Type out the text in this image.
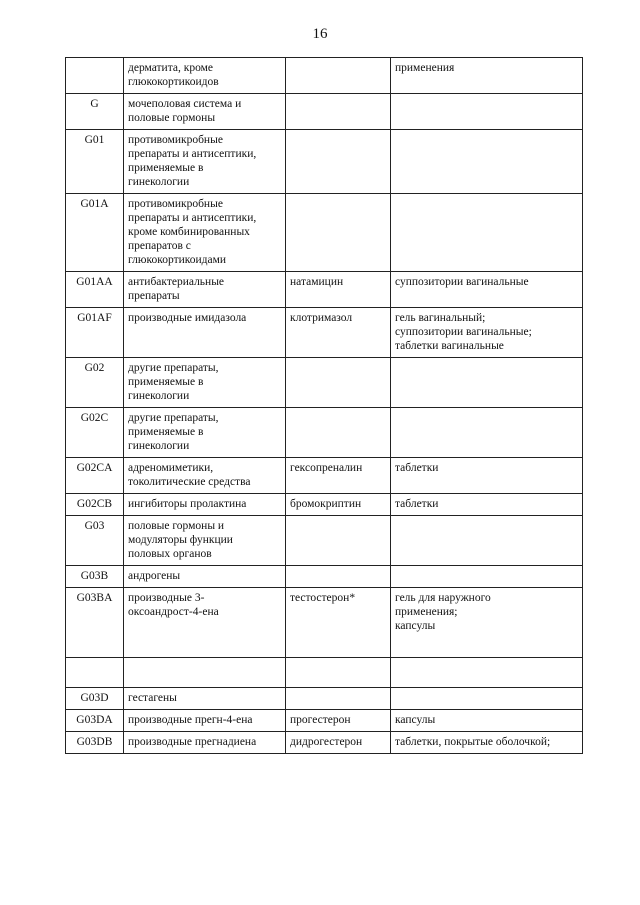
16

	дерматита, кроме
глюкокортикоидов		применения

G	мочеполовая система и
половые гормоны		

G01	противомикробные
препараты и антисептики,
применяемые в
гинекологии		

G01A	противомикробные
препараты и антисептики,
кроме комбинированных
препаратов с
глюкокортикоидами		

G01AA	антибактериальные
препараты	натамицин	суппозитории вагинальные

G01AF	производные имидазола	клотримазол	гель вагинальный;
суппозитории вагинальные;
таблетки вагинальные

G02	другие препараты,
применяемые в
гинекологии		

G02C	другие препараты,
применяемые в
гинекологии		

G02CA	адреномиметики,
токолитические средства	гексопреналин	таблетки

G02CB	ингибиторы пролактина	бромокриптин	таблетки

G03	половые гормоны и
модуляторы функции
половых органов		

G03B	андрогены		

G03BA	производные 3-
оксоандрост-4-ена	тестостерон*	гель для наружного
применения;
капсулы

G03D	гестагены		

G03DA	производные прегн-4-ена	прогестерон	капсулы

G03DB	производные прегнадиена	дидрогестерон	таблетки, покрытые оболочкой;
